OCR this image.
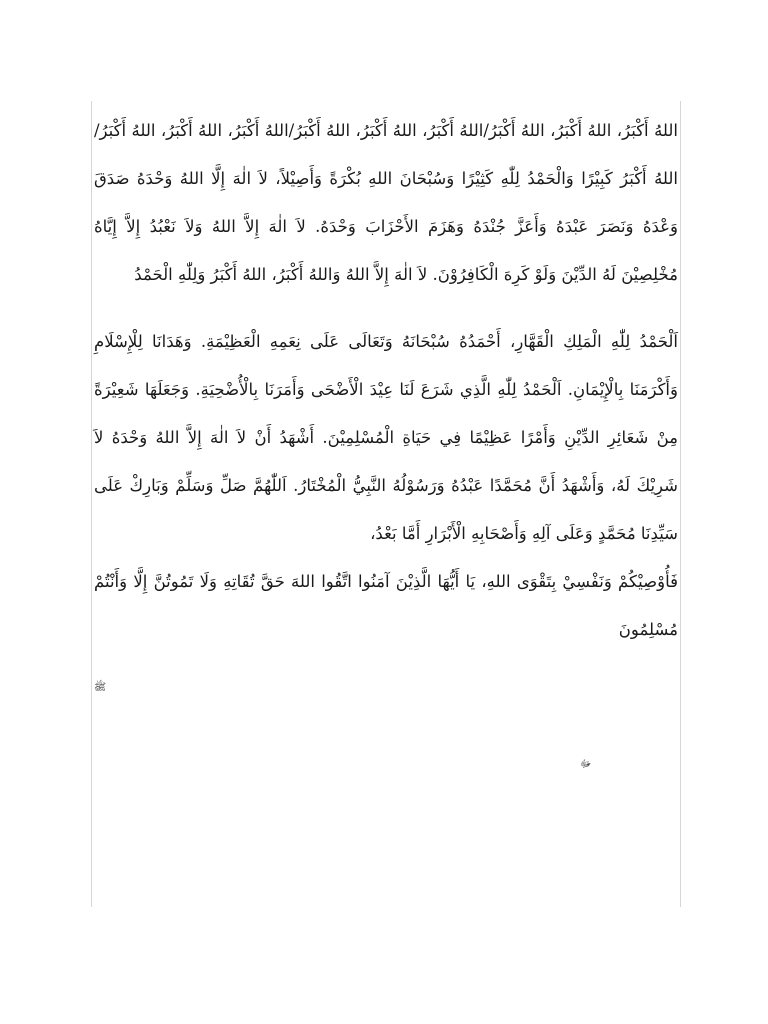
اللهُ أَكْبَرُ، اللهُ أَكْبَرُ، اللهُ أَكْبَرُ/اللهُ أَكْبَرُ، اللهُ أَكْبَرُ، اللهُ أَكْبَرُ/اللهُ أَكْبَرُ، اللهُ أَكْبَرُ، اللهُ أَكْبَرُ/ اللهُ أَكْبَرُ كَبِيْرًا وَالْحَمْدُ لِلّٰهِ كَثِيْرًا وَسُبْحَانَ اللهِ بُكْرَةً وَأَصِيْلاً، لاَ الٰهَ إِلَّا اللهُ وَحْدَهُ صَدَقَ وَعْدَهُ وَنَصَرَ عَبْدَهُ وَأَعَزَّ جُنْدَهُ وَهَزَمَ الأَحْزَابَ وَحْدَهُ. لاَ الٰهَ إِلاَّ اللهُ وَلاَ نَعْبُدُ إِلاَّ إِيَّاهُ مُخْلِصِيْنَ لَهُ الدِّيْنَ وَلَوْ كَرِهَ الْكَافِرُوْنَ. لاَ الٰهَ إِلاَّ اللهُ وَاللهُ أَكْبَرُ، اللهُ أَكْبَرُ وَلِلّٰهِ الْحَمْدُ

اَلْحَمْدُ لِلّٰهِ الْمَلِكِ الْقَهَّارِ، أَحْمَدُهُ سُبْحَانَهُ وَتَعَالَى عَلَى نِعَمِهِ الْعَظِيْمَةِ. وَهَدَانَا لِلْإِسْلَامِ وَأَكْرَمَنَا بِالْإِيْمَانِ. اَلْحَمْدُ لِلّٰهِ الَّذِي شَرَعَ لَنَا عِيْدَ الْأَضْحَى وَأَمَرَنَا بِالْأُضْحِيَةِ. وَجَعَلَهَا شَعِيْرَةً مِنْ شَعَائِرِ الدِّيْنِ وَأَمْرًا عَظِيْمًا فِي حَيَاةِ الْمُسْلِمِيْنَ. أَشْهَدُ أَنْ لاَ الٰهَ إِلاَّ اللهُ وَحْدَهُ لاَ شَرِيْكَ لَهُ، وَأَشْهَدُ أَنَّ مُحَمَّدًا عَبْدُهُ وَرَسُوْلُهُ النَّبِيُّ الْمُخْتَارُ. اَللّٰهُمَّ صَلِّ وَسَلِّمْ وَبَارِكْ عَلَى سَيِّدِنَا مُحَمَّدٍ وَعَلَى آلِهِ وَأَصْحَابِهِ الْأَبْرَارِ أَمَّا بَعْدُ،

فَأُوْصِيْكُمْ وَنَفْسِيْ بِتَقْوَى اللهِ، يَا أَيُّهَا الَّذِيْنَ آمَنُوا اتَّقُوا اللهَ حَقَّ تُقَاتِهِ وَلَا تَمُوتُنَّ إِلَّا وَأَنْتُمْ مُسْلِمُونَ

ﷺ
ﷻ
